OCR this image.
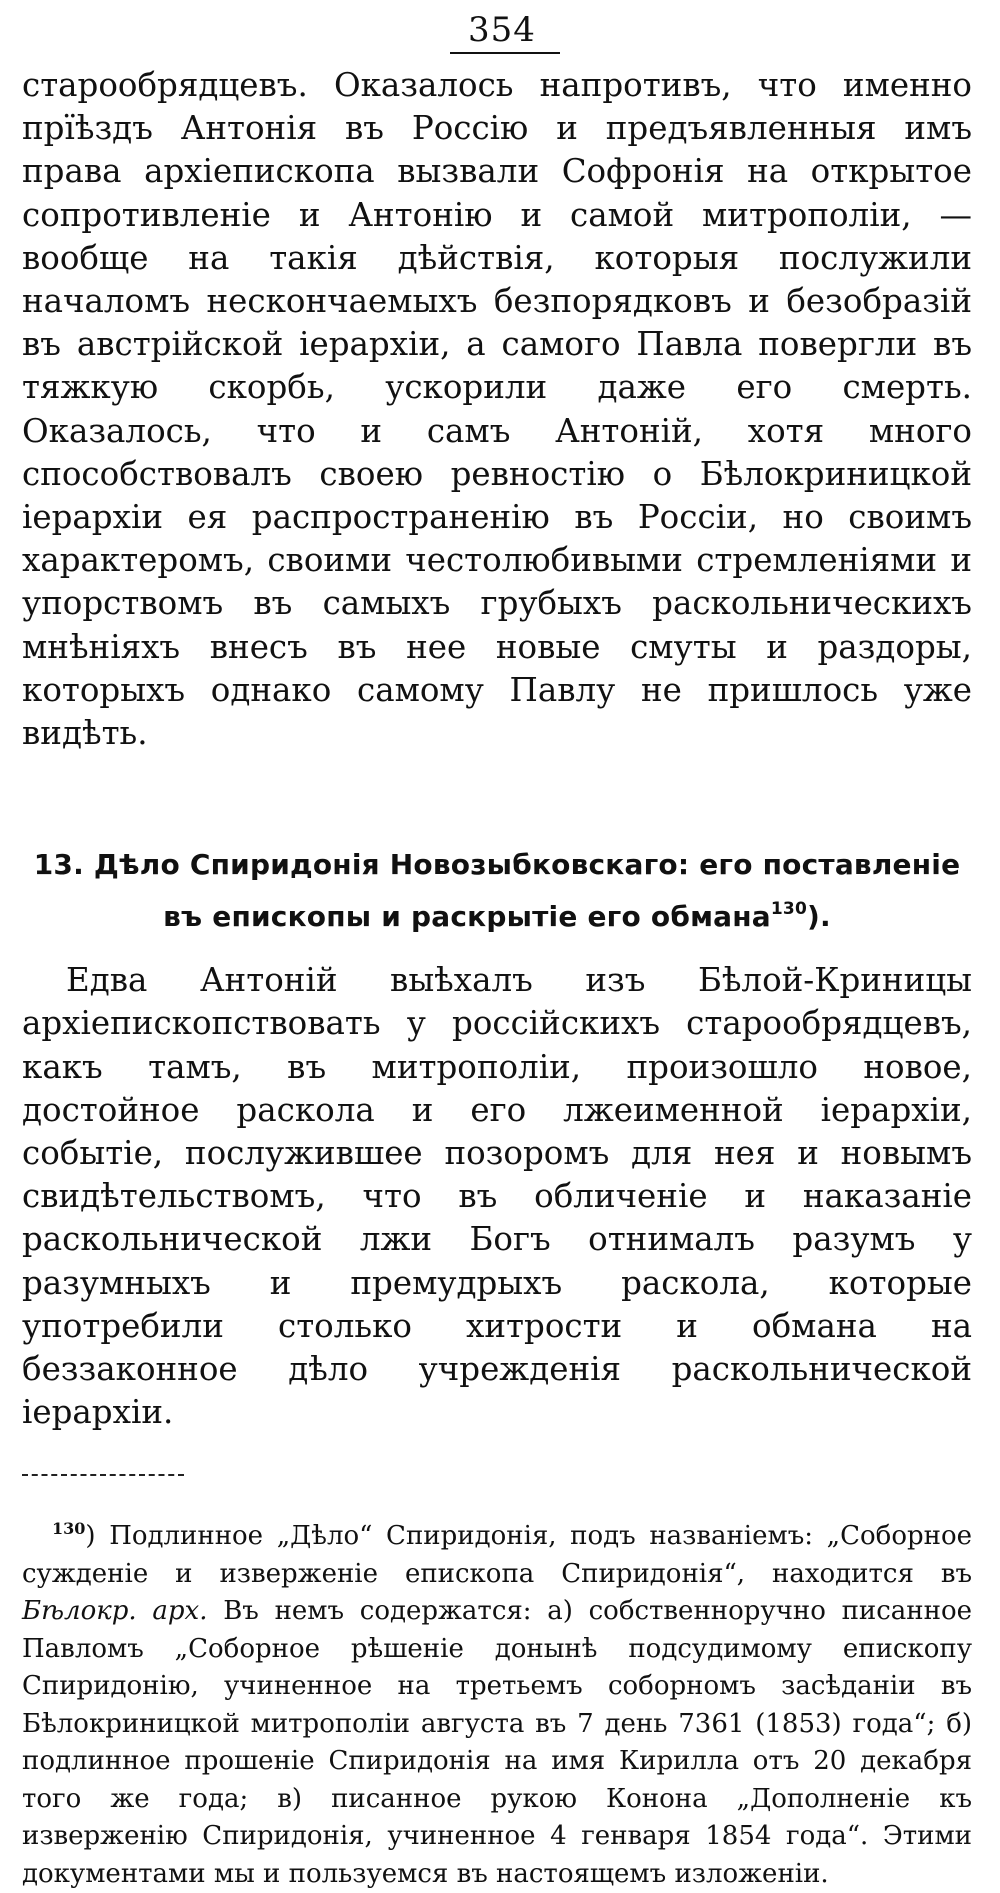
354

старообрядцевъ. Оказалось напротивъ, что именно прїѣздъ Антонія въ Россію и предъявленныя имъ права архіепископа вызвали Софронія на открытое сопротивленіе и Антонію и самой митрополіи, — вообще на такія дѣйствія, которыя послужили началомъ нескончаемыхъ безпорядковъ и безобразій въ австрійской іерархіи, а самого Павла повергли въ тяжкую скорбь, ускорили даже его смерть. Оказалось, что и самъ Антоній, хотя много способствовалъ своею ревностію о Бѣлокриницкой іерархіи ея распространенію въ Россіи, но своимъ характеромъ, своими честолюбивыми стремленіями и упорствомъ въ самыхъ грубыхъ раскольническихъ мнѣніяхъ внесъ въ нее новые смуты и раздоры, которыхъ однако самому Павлу не пришлось уже видѣть.

13. Дѣло Спиридонія Новозыбковскаго: его поставленіе въ епископы и раскрытіе его обмана$^{130}$).

Едва Антоній выѣхалъ изъ Бѣлой-Криницы архіепископствовать у россійскихъ старообрядцевъ, какъ тамъ, въ митрополіи, произошло новое, достойное раскола и его лжеименной іерархіи, событіе, послужившее позоромъ для нея и новымъ свидѣтельствомъ, что въ обличеніе и наказаніе раскольнической лжи Богъ отнималъ разумъ у разумныхъ и премудрыхъ раскола, которые употребили столько хитрости и обмана на беззаконное дѣло учрежденія раскольнической іерархіи.

$^{130}$) Подлинное „Дѣло“ Спиридонія, подъ названіемъ: „Соборное сужденіе и изверженіе епископа Спиридонія“, находится въ Бѣлокр. арх. Въ немъ содержатся: а) собственноручно писанное Павломъ „Соборное рѣшеніе донынѣ подсудимому епископу Спиридонію, учиненное на третьемъ соборномъ засѣданіи въ Бѣлокриницкой митрополіи августа въ 7 день 7361 (1853) года“; б) подлинное прошеніе Спиридонія на имя Кирилла отъ 20 декабря того же года; в) писанное рукою Конона „Дополненіе къ изверженію Спиридонія, учиненное 4 генваря 1854 года“. Этими документами мы и пользуемся въ настоящемъ изложеніи.
